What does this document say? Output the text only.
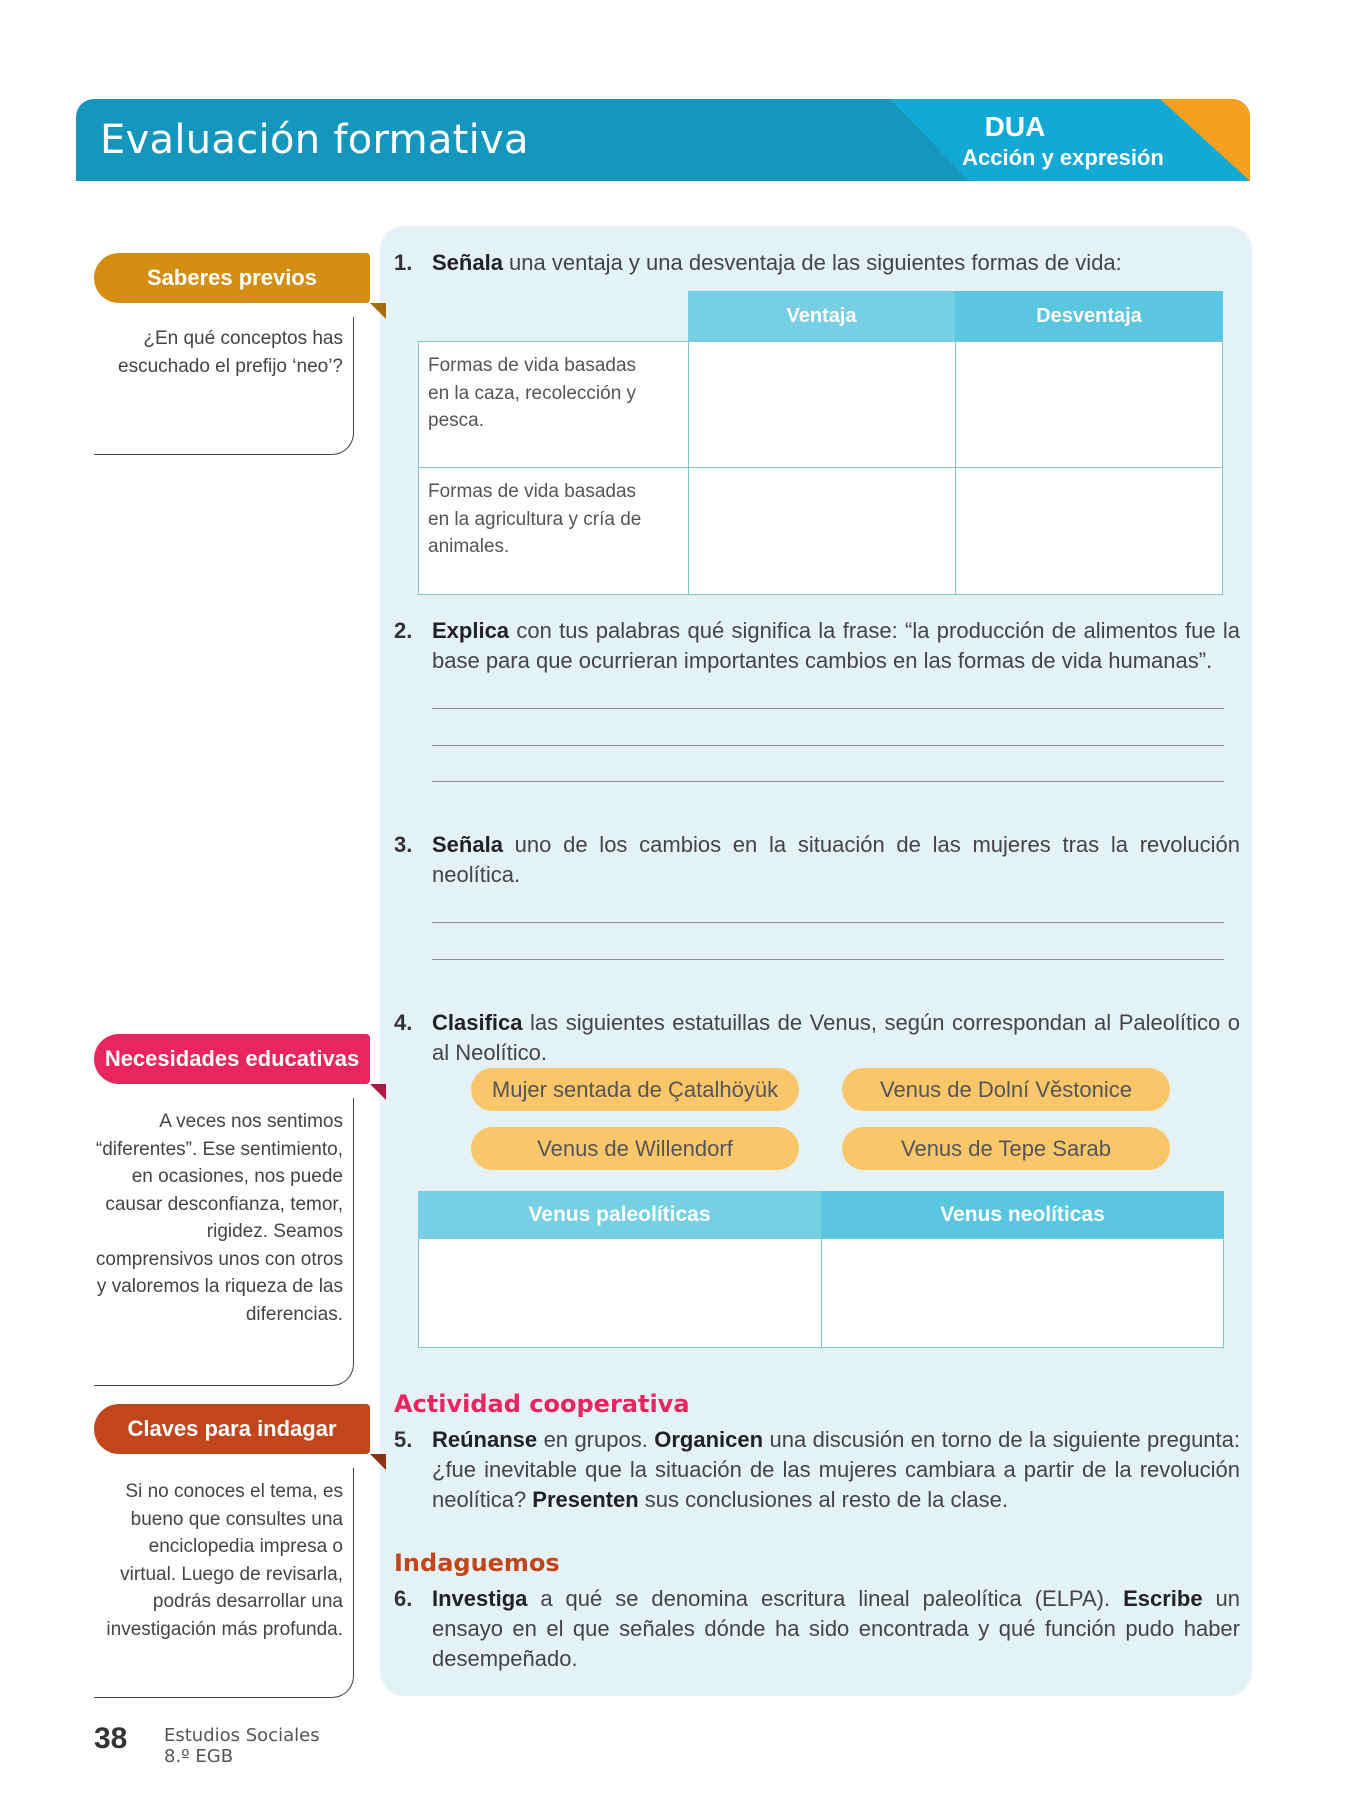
Evaluación formativa	DUA
Acción y expresión
Saberes previos
¿En qué conceptos has escuchado el prefijo ‘neo’?
Necesidades educativas
A veces nos sentimos “diferentes”. Ese sentimiento, en ocasiones, nos puede causar desconfianza, temor, rigidez. Seamos comprensivos unos con otros y valoremos la riqueza de las diferencias.
Claves para indagar
Si no conoces el tema, es bueno que consultes una enciclopedia impresa o virtual. Luego de revisarla, podrás desarrollar una investigación más profunda.
1. Señala una ventaja y una desventaja de las siguientes formas de vida:
Ventaja	Desventaja
Formas de vida basadas en la caza, recolección y pesca.
Formas de vida basadas en la agricultura y cría de animales.
2. Explica con tus palabras qué significa la frase: “la producción de alimentos fue la base para que ocurrieran importantes cambios en las formas de vida humanas”.
3. Señala uno de los cambios en la situación de las mujeres tras la revolución neolítica.
4. Clasifica las siguientes estatuillas de Venus, según correspondan al Paleolítico o al Neolítico.
Mujer sentada de Çatalhöyük	Venus de Dolní Vĕstonice
Venus de Willendorf	Venus de Tepe Sarab
Venus paleolíticas	Venus neolíticas
Actividad cooperativa
5. Reúnanse en grupos. Organicen una discusión en torno de la siguiente pregunta: ¿fue inevitable que la situación de las mujeres cambiara a partir de la revolución neolítica? Presenten sus conclusiones al resto de la clase.
Indaguemos
6. Investiga a qué se denomina escritura lineal paleolítica (ELPA). Escribe un ensayo en el que señales dónde ha sido encontrada y qué función pudo haber desempeñado.
38 Estudios Sociales
8.º EGB
